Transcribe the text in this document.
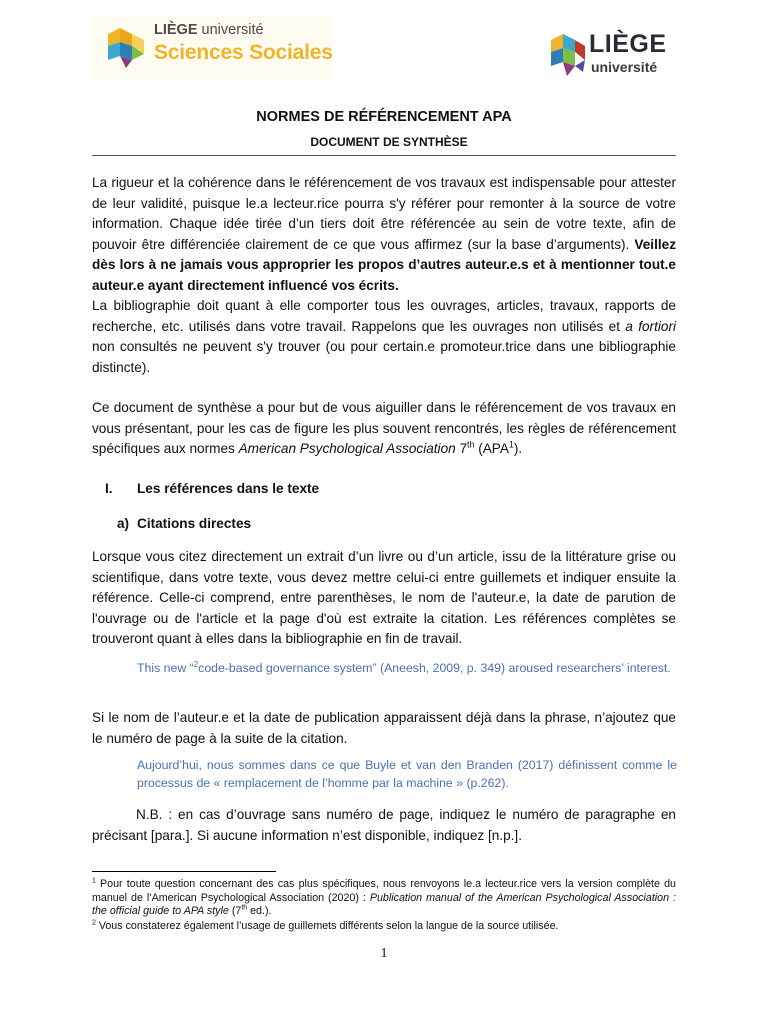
LIÈGE université
Sciences Sociales	LIÈGE
université
NORMES DE RÉFÉRENCEMENT APA
DOCUMENT DE SYNTHÈSE
La rigueur et la cohérence dans le référencement de vos travaux est indispensable pour attester de leur validité, puisque le.a lecteur.rice pourra s'y référer pour remonter à la source de votre information. Chaque idée tirée d’un tiers doit être référencée au sein de votre texte, afin de pouvoir être différenciée clairement de ce que vous affirmez (sur la base d’arguments). Veillez dès lors à ne jamais vous approprier les propos d’autres auteur.e.s et à mentionner tout.e auteur.e ayant directement influencé vos écrits.
La bibliographie doit quant à elle comporter tous les ouvrages, articles, travaux, rapports de recherche, etc. utilisés dans votre travail. Rappelons que les ouvrages non utilisés et a fortiori non consultés ne peuvent s'y trouver (ou pour certain.e promoteur.trice dans une bibliographie distincte).
Ce document de synthèse a pour but de vous aiguiller dans le référencement de vos travaux en vous présentant, pour les cas de figure les plus souvent rencontrés, les règles de référencement spécifiques aux normes American Psychological Association 7th (APA$^1$).
I. Les références dans le texte
a) Citations directes
Lorsque vous citez directement un extrait d’un livre ou d’un article, issu de la littérature grise ou scientifique, dans votre texte, vous devez mettre celui-ci entre guillemets et indiquer ensuite la référence. Celle-ci comprend, entre parenthèses, le nom de l'auteur.e, la date de parution de l'ouvrage ou de l'article et la page d'où est extraite la citation. Les références complètes se trouveront quant à elles dans la bibliographie en fin de travail.
This new “$^2$code-based governance system” (Aneesh, 2009, p. 349) aroused researchers’ interest.
Si le nom de l’auteur.e et la date de publication apparaissent déjà dans la phrase, n’ajoutez que le numéro de page à la suite de la citation.
Aujourd’hui, nous sommes dans ce que Buyle et van den Branden (2017) définissent comme le processus de « remplacement de l’homme par la machine » (p.262).
N.B. : en cas d’ouvrage sans numéro de page, indiquez le numéro de paragraphe en précisant [para.]. Si aucune information n’est disponible, indiquez [n.p.].
$^1$ Pour toute question concernant des cas plus spécifiques, nous renvoyons le.a lecteur.rice vers la version complète du manuel de l’American Psychological Association (2020) : Publication manual of the American Psychological Association : the official guide to APA style (7th ed.).
$^2$ Vous constaterez également l’usage de guillemets différents selon la langue de la source utilisée.
1
